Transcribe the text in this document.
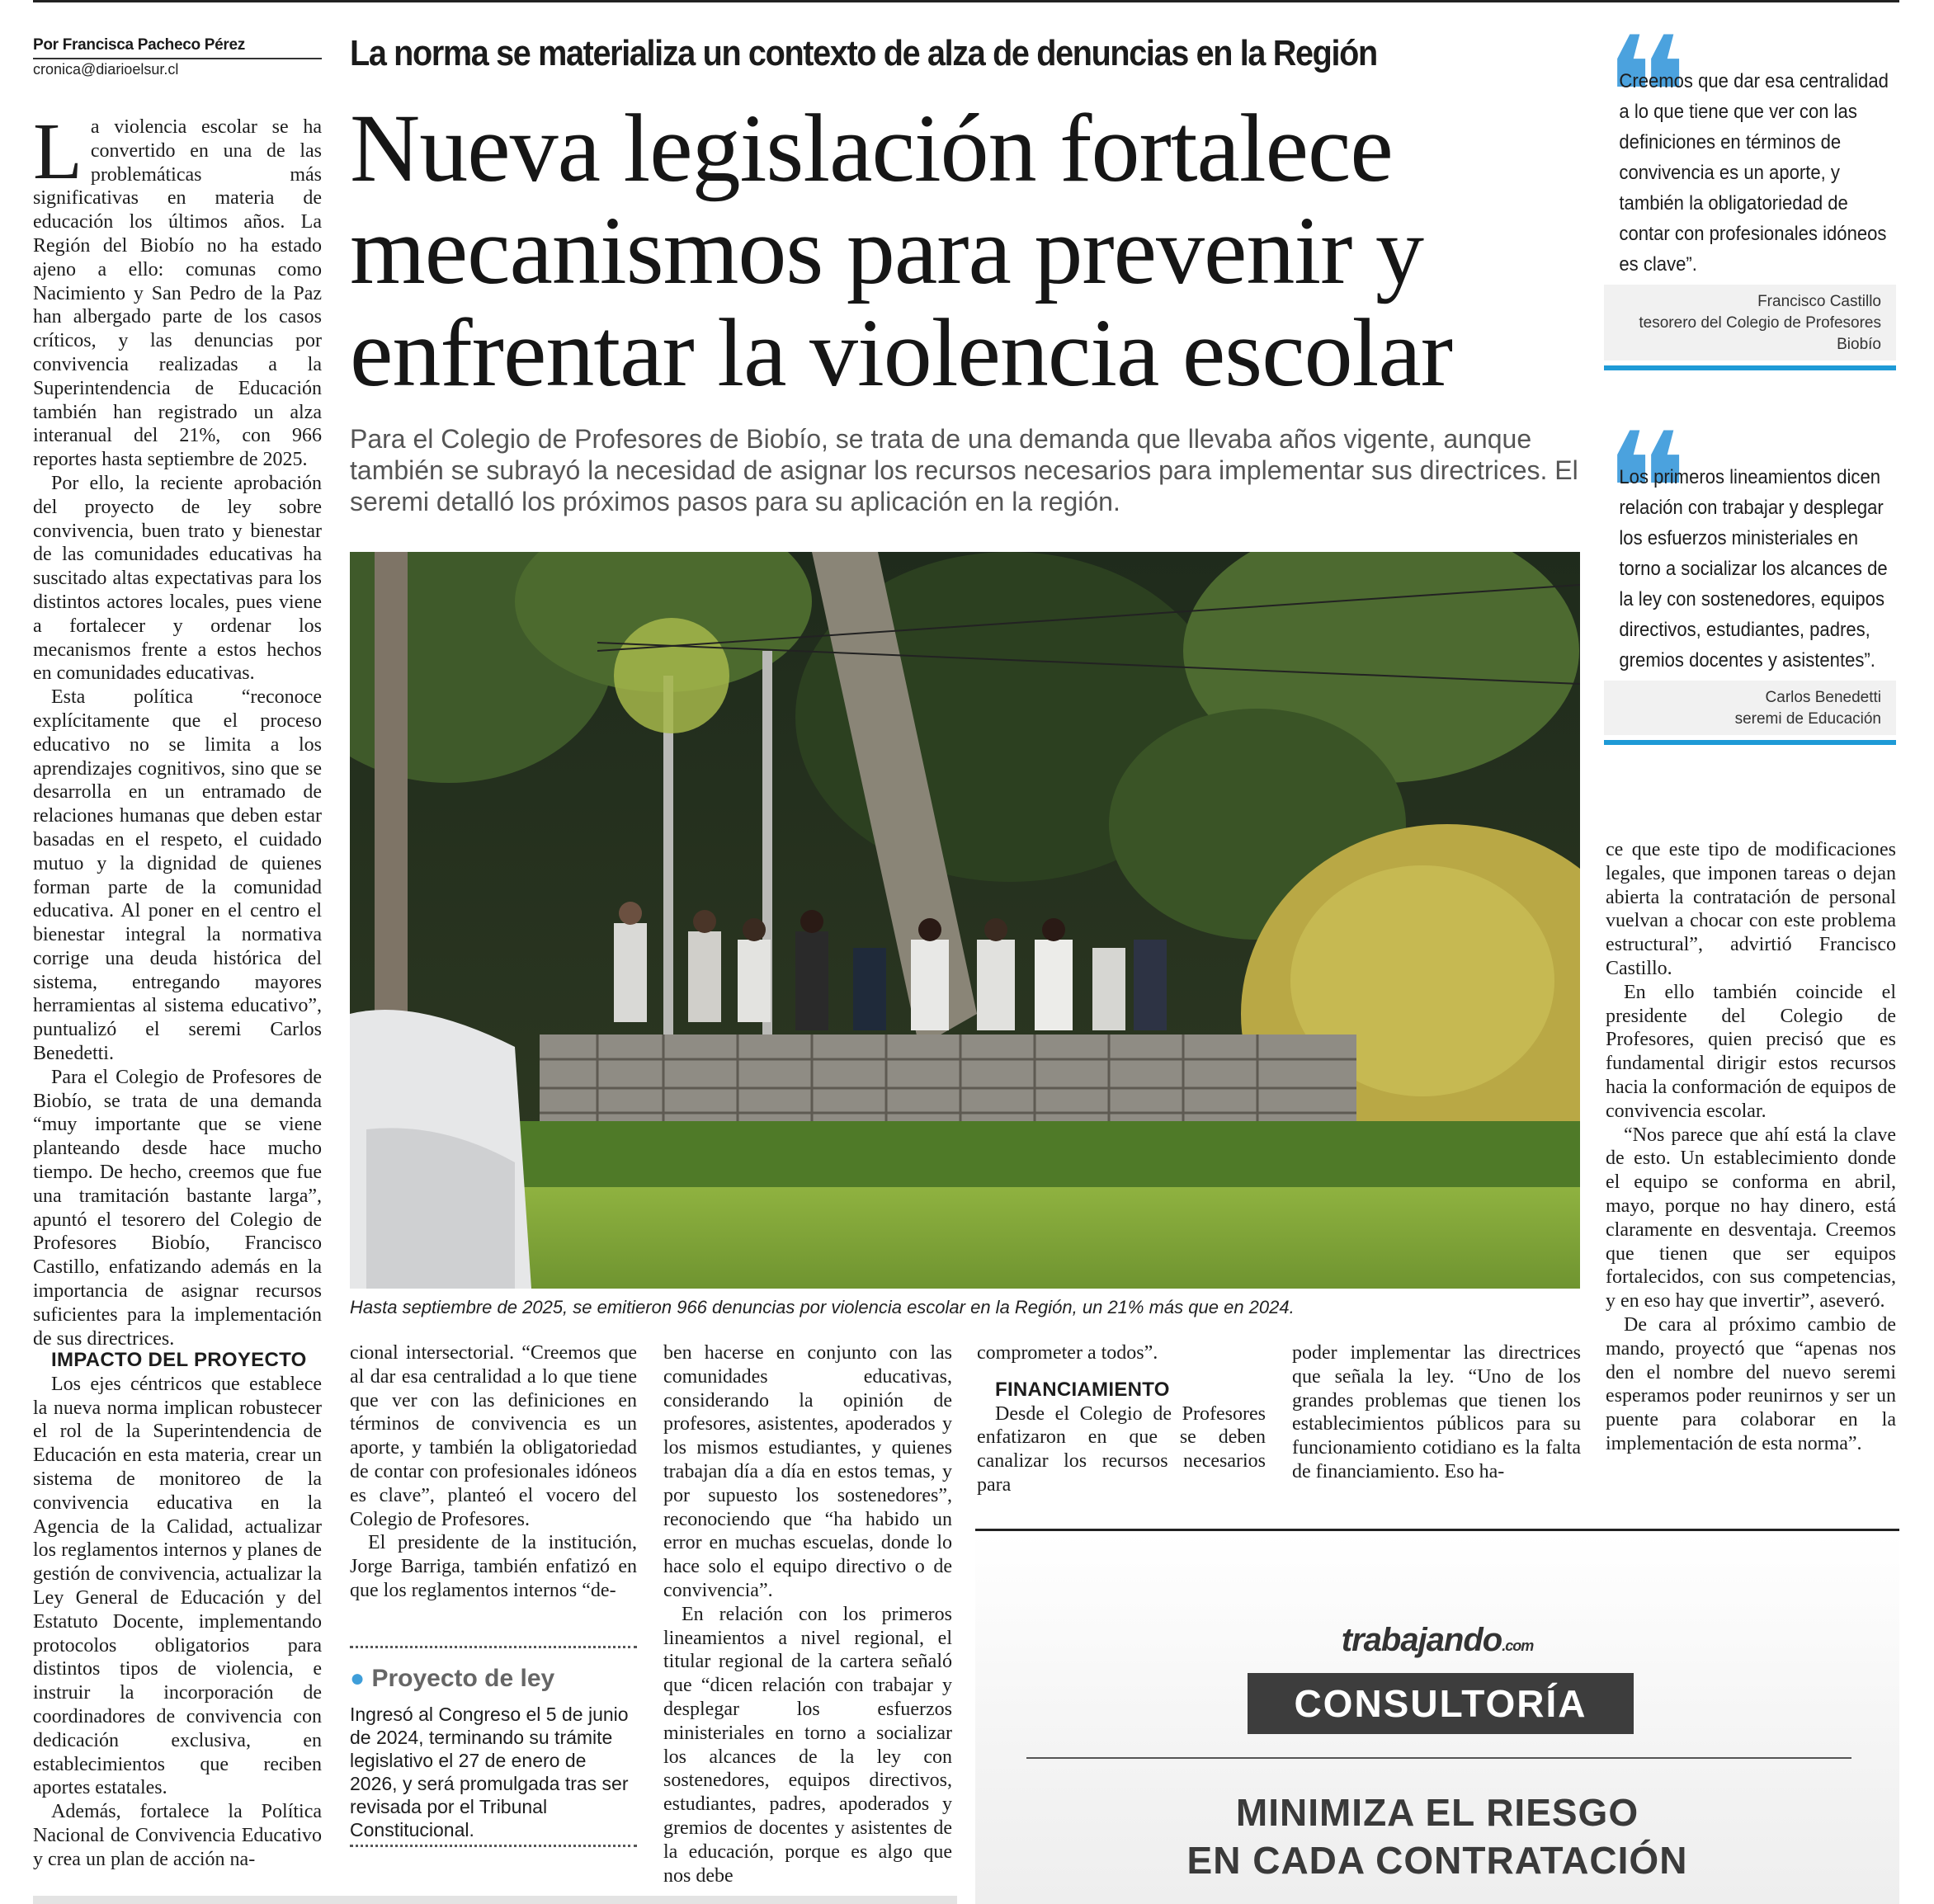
Por Francisca Pacheco Pérez
cronica@diarioelsur.cl	La norma se materializa un contexto de alza de denuncias en la Región
Nueva legislación fortalece
mecanismos para prevenir y
enfrentar la violencia escolar
Para el Colegio de Profesores de Biobío, se trata de una demanda que llevaba años vigente, aunque también se subrayó la necesidad de asignar los recursos necesarios para implementar sus directrices. El seremi detalló los próximos pasos para su aplicación en la región.
Hasta septiembre de 2025, se emitieron 966 denuncias por violencia escolar en la Región, un 21% más que en 2024.

La violencia escolar se ha convertido en una de las problemáticas más significativas en materia de educación los últimos años. La Región del Biobío no ha estado ajeno a ello: comunas como Nacimiento y San Pedro de la Paz han albergado parte de los casos críticos, y las denuncias por convivencia realizadas a la Superintendencia de Educación también han registrado un alza interanual del 21%, con 966 reportes hasta septiembre de 2025.

Por ello, la reciente aprobación del proyecto de ley sobre convivencia, buen trato y bienestar de las comunidades educativas ha suscitado altas expectativas para los distintos actores locales, pues viene a fortalecer y ordenar los mecanismos frente a estos hechos en comunidades educativas.

Esta política “reconoce explícitamente que el proceso educativo no se limita a los aprendizajes cognitivos, sino que se desarrolla en un entramado de relaciones humanas que deben estar basadas en el respeto, el cuidado mutuo y la dignidad de quienes forman parte de la comunidad educativa. Al poner en el centro el bienestar integral la normativa corrige una deuda histórica del sistema, entregando mayores herramientas al sistema educativo”, puntualizó el seremi Carlos Benedetti.

Para el Colegio de Profesores de Biobío, se trata de una demanda “muy importante que se viene planteando desde hace mucho tiempo. De hecho, creemos que fue una tramitación bastante larga”, apuntó el tesorero del Colegio de Profesores Biobío, Francisco Castillo, enfatizando además en la importancia de asignar recursos suficientes para la implementación de sus directrices.

IMPACTO DEL PROYECTO

Los ejes céntricos que establece la nueva norma implican robustecer el rol de la Superintendencia de Educación en esta materia, crear un sistema de monitoreo de la convivencia educativa en la Agencia de la Calidad, actualizar los reglamentos internos y planes de gestión de convivencia, actualizar la Ley General de Educación y del Estatuto Docente, implementando protocolos obligatorios para distintos tipos de violencia, e instruir la incorporación de coordinadores de convivencia con dedicación exclusiva, en establecimientos que reciben aportes estatales.

Además, fortalece la Política Nacional de Convivencia Educativo y crea un plan de acción na-

cional intersectorial. “Creemos que al dar esa centralidad a lo que tiene que ver con las definiciones en términos de convivencia es un aporte, y también la obligatoriedad de contar con profesionales idóneos es clave”, planteó el vocero del Colegio de Profesores.

El presidente de la institución, Jorge Barriga, también enfatizó en que los reglamentos internos “de-

● Proyecto de ley
Ingresó al Congreso el 5 de junio de 2024, terminando su trámite legislativo el 27 de enero de 2026, y será promulgada tras ser revisada por el Tribunal Constitucional.

ben hacerse en conjunto con las comunidades educativas, considerando la opinión de profesores, asistentes, apoderados y los mismos estudiantes, y quienes trabajan día a día en estos temas, y por supuesto los sostenedores”, reconociendo que “ha habido un error en muchas escuelas, donde lo hace solo el equipo directivo o de convivencia”.

En relación con los primeros lineamientos a nivel regional, el titular regional de la cartera señaló que “dicen relación con trabajar y desplegar los esfuerzos ministeriales en torno a socializar los alcances de la ley con sostenedores, equipos directivos, estudiantes, padres, apoderados y gremios de docentes y asistentes de la educación, porque es algo que nos debe

comprometer a todos”.

FINANCIAMIENTO

Desde el Colegio de Profesores enfatizaron en que se deben canalizar los recursos necesarios para

poder implementar las directrices que señala la ley. “Uno de los grandes problemas que tienen los establecimientos públicos para su funcionamiento cotidiano es la falta de financiamiento. Eso ha-

ce que este tipo de modificaciones legales, que imponen tareas o dejan abierta la contratación de personal vuelvan a chocar con este problema estructural”, advirtió Francisco Castillo.

En ello también coincide el presidente del Colegio de Profesores, quien precisó que es fundamental dirigir estos recursos hacia la conformación de equipos de convivencia escolar.

“Nos parece que ahí está la clave de esto. Un establecimiento donde el equipo se conforma en abril, mayo, porque no hay dinero, está claramente en desventaja. Creemos que tienen que ser equipos fortalecidos, con sus competencias, y en eso hay que invertir”, aseveró.

De cara al próximo cambio de mando, proyectó que “apenas nos den el nombre del nuevo seremi esperamos poder reunirnos y ser un puente para colaborar en la implementación de esta norma”.

❝
Creemos que dar esa centralidad a lo que tiene que ver con las definiciones en términos de convivencia es un aporte, y también la obligatoriedad de contar con profesionales idóneos es clave”.
Francisco Castillo
tesorero del Colegio de Profesores Biobío
❝
Los primeros lineamientos dicen relación con trabajar y desplegar los esfuerzos ministeriales en torno a socializar los alcances de la ley con sostenedores, equipos directivos, estudiantes, padres, gremios docentes y asistentes”.
Carlos Benedetti
seremi de Educación
trabajando.com
CONSULTORÍA
MINIMIZA EL RIESGO
EN CADA CONTRATACIÓN
